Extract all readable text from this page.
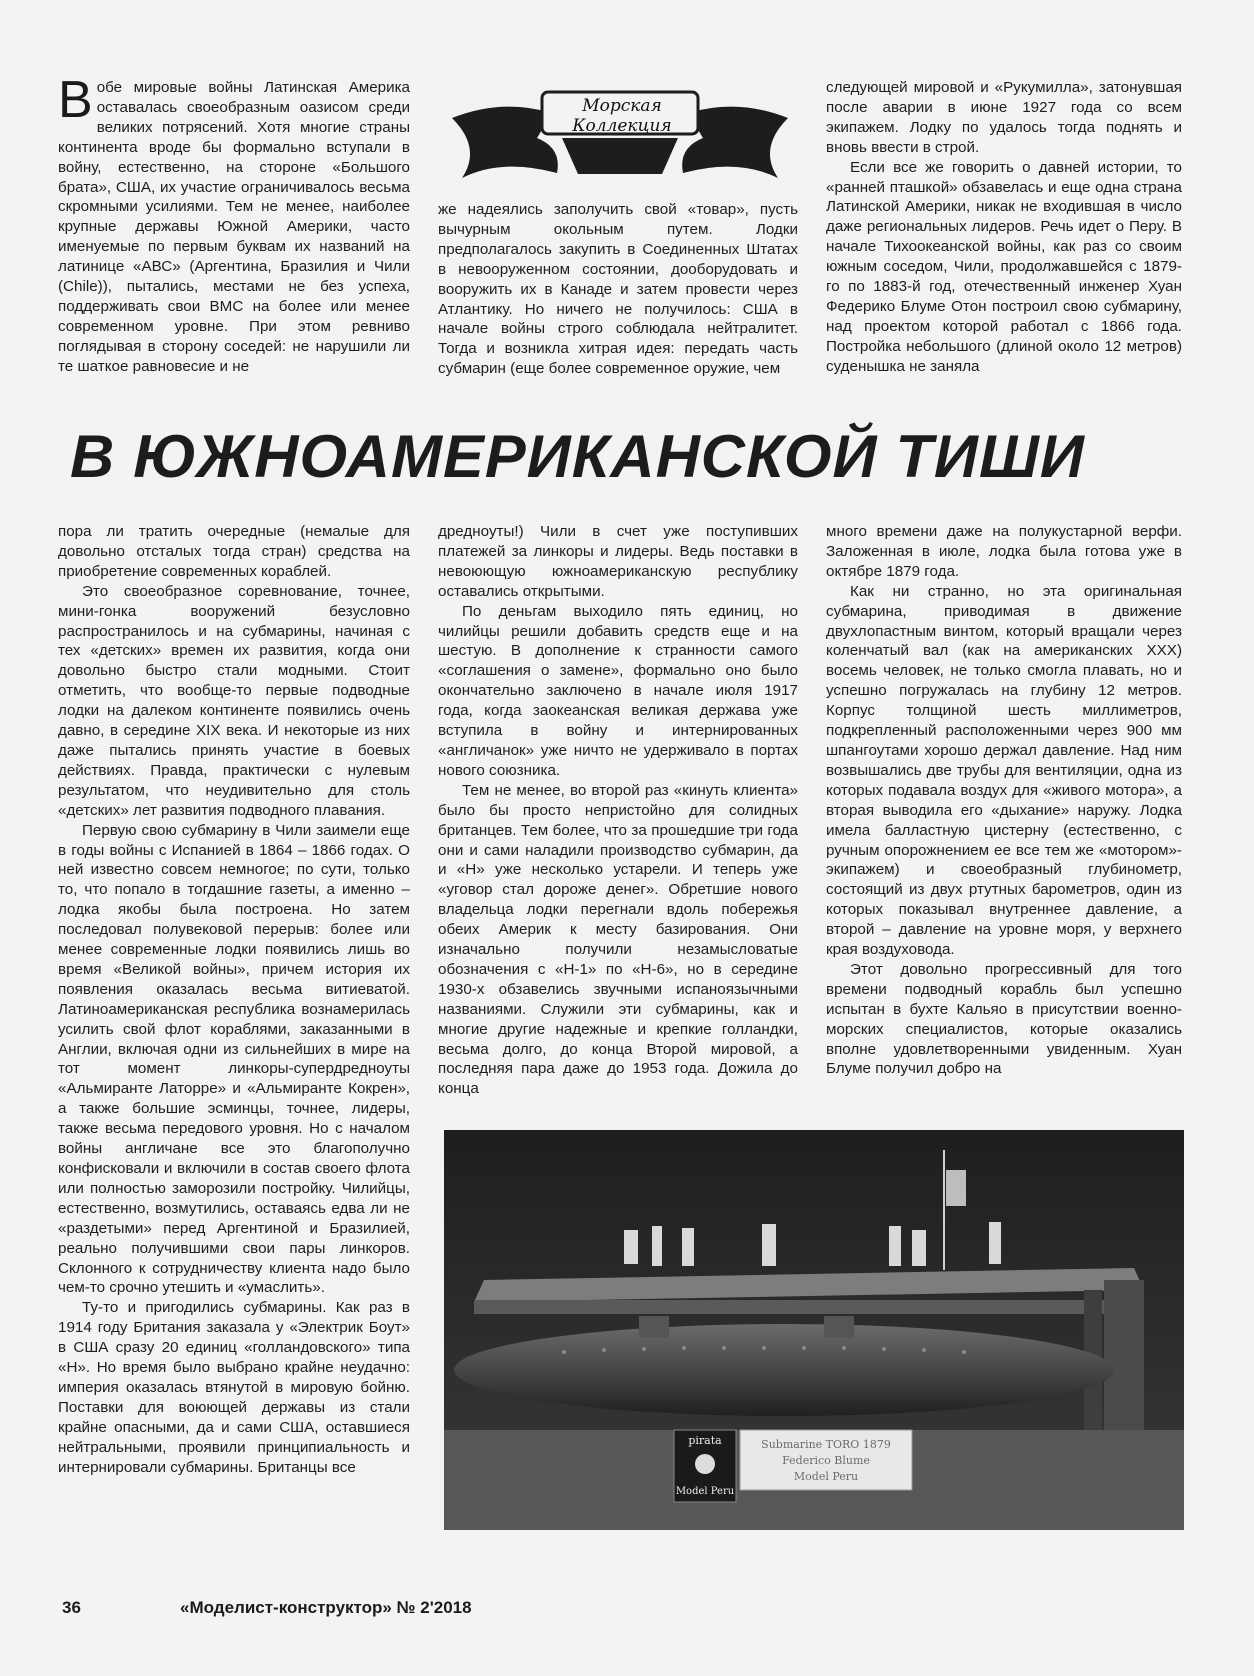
Вобе мировые войны Латинская Америка оставалась своеобразным оазисом среди великих потрясений. Хотя многие страны континента вроде бы формально вступали в войну, естественно, на стороне «Большого брата», США, их участие ограничивалось весьма скромными усилиями. Тем не менее, наиболее крупные державы Южной Америки, часто именуемые по первым буквам их названий на латинице «АВС» (Аргентина, Бразилия и Чили (Chile)), пытались, местами не без успеха, поддерживать свои ВМС на более или менее современном уровне. При этом ревниво поглядывая в сторону соседей: не нарушили ли те шаткое равновесие и не

Морская Коллекция

же надеялись заполучить свой «товар», пусть вычурным окольным путем. Лодки предполагалось закупить в Соединенных Штатах в невооруженном состоянии, дооборудовать и вооружить их в Канаде и затем провести через Атлантику. Но ничего не получилось: США в начале войны строго соблюдала нейтралитет. Тогда и возникла хитрая идея: передать часть субмарин (еще более современное оружие, чем

следующей мировой и «Рукумилла», затонувшая после аварии в июне 1927 года со всем экипажем. Лодку по удалось тогда поднять и вновь ввести в строй.

Если все же говорить о давней истории, то «ранней пташкой» обзавелась и еще одна страна Латинской Америки, никак не входившая в число даже региональных лидеров. Речь идет о Перу. В начале Тихоокеанской войны, как раз со своим южным соседом, Чили, продолжавшейся с 1879-го по 1883-й год, отечественный инженер Хуан Федерико Блуме Отон построил свою субмарину, над проектом которой работал с 1866 года. Постройка небольшого (длиной около 12 метров) суденышка не заняла

В ЮЖНОАМЕРИКАНСКОЙ ТИШИ

пора ли тратить очередные (немалые для довольно отсталых тогда стран) средства на приобретение современных кораблей.

Это своеобразное соревнование, точнее, мини-гонка вооружений безусловно распространилось и на субмарины, начиная с тех «детских» времен их развития, когда они довольно быстро стали модными. Стоит отметить, что вообще-то первые подводные лодки на далеком континенте появились очень давно, в середине XIX века. И некоторые из них даже пытались принять участие в боевых действиях. Правда, практически с нулевым результатом, что неудивительно для столь «детских» лет развития подводного плавания.

Первую свою субмарину в Чили заимели еще в годы войны с Испанией в 1864 – 1866 годах. О ней известно совсем немногое; по сути, только то, что попало в тогдашние газеты, а именно – лодка якобы была построена. Но затем последовал полувековой перерыв: более или менее современные лодки появились лишь во время «Великой войны», причем история их появления оказалась весьма витиеватой. Латиноамериканская республика вознамерилась усилить свой флот кораблями, заказанными в Англии, включая одни из сильнейших в мире на тот момент линкоры-супердредноуты «Альмиранте Латорре» и «Альмиранте Кокрен», а также большие эсминцы, точнее, лидеры, также весьма передового уровня. Но с началом войны англичане все это благополучно конфисковали и включили в состав своего флота или полностью заморозили постройку. Чилийцы, естественно, возмутились, оставаясь едва ли не «раздетыми» перед Аргентиной и Бразилией, реально получившими свои пары линкоров. Склонного к сотрудничеству клиента надо было чем-то срочно утешить и «умаслить».

Ту-то и пригодились субмарины. Как раз в 1914 году Британия заказала у «Электрик Боут» в США сразу 20 единиц «голландовского» типа «Н». Но время было выбрано крайне неудачно: империя оказалась втянутой в мировую бойню. Поставки для воюющей державы из стали крайне опасными, да и сами США, оставшиеся нейтральными, проявили принципиальность и интернировали субмарины. Британцы все

дредноуты!) Чили в счет уже поступивших платежей за линкоры и лидеры. Ведь поставки в невоюющую южноамериканскую республику оставались открытыми.

По деньгам выходило пять единиц, но чилийцы решили добавить средств еще и на шестую. В дополнение к странности самого «соглашения о замене», формально оно было окончательно заключено в начале июля 1917 года, когда заокеанская великая держава уже вступила в войну и интернированных «англичанок» уже ничто не удерживало в портах нового союзника.

Тем не менее, во второй раз «кинуть клиента» было бы просто непристойно для солидных британцев. Тем более, что за прошедшие три года они и сами наладили производство субмарин, да и «Н» уже несколько устарели. И теперь уже «уговор стал дороже денег». Обретшие нового владельца лодки перегнали вдоль побережья обеих Америк к месту базирования. Они изначально получили незамысловатые обозначения с «Н-1» по «Н-6», но в середине 1930-х обзавелись звучными испаноязычными названиями. Служили эти субмарины, как и многие другие надежные и крепкие голландки, весьма долго, до конца Второй мировой, а последняя пара даже до 1953 года. Дожила до конца

много времени даже на полукустарной верфи. Заложенная в июле, лодка была готова уже в октябре 1879 года.

Как ни странно, но эта оригинальная субмарина, приводимая в движение двухлопастным винтом, который вращали через коленчатый вал (как на американских XXX) восемь человек, не только смогла плавать, но и успешно погружалась на глубину 12 метров. Корпус толщиной шесть миллиметров, подкрепленный расположенными через 900 мм шпангоутами хорошо держал давление. Над ним возвышались две трубы для вентиляции, одна из которых подавала воздух для «живого мотора», а вторая выводила его «дыхание» наружу. Лодка имела балластную цистерну (естественно, с ручным опорожнением ее все тем же «мотором»-экипажем) и своеобразный глубинометр, состоящий из двух ртутных барометров, один из которых показывал внутреннее давление, а второй – давление на уровне моря, у верхнего края воздуховода.

Этот довольно прогрессивный для того времени подводный корабль был успешно испытан в бухте Кальяо в присутствии военно-морских специалистов, которые оказались вполне удовлетворенными увиденным. Хуан Блуме получил добро на

pirata
Model Peru
Submarine TORO 1879
Federico Blume
Model Peru
36	«Моделист-конструктор» № 2'2018
